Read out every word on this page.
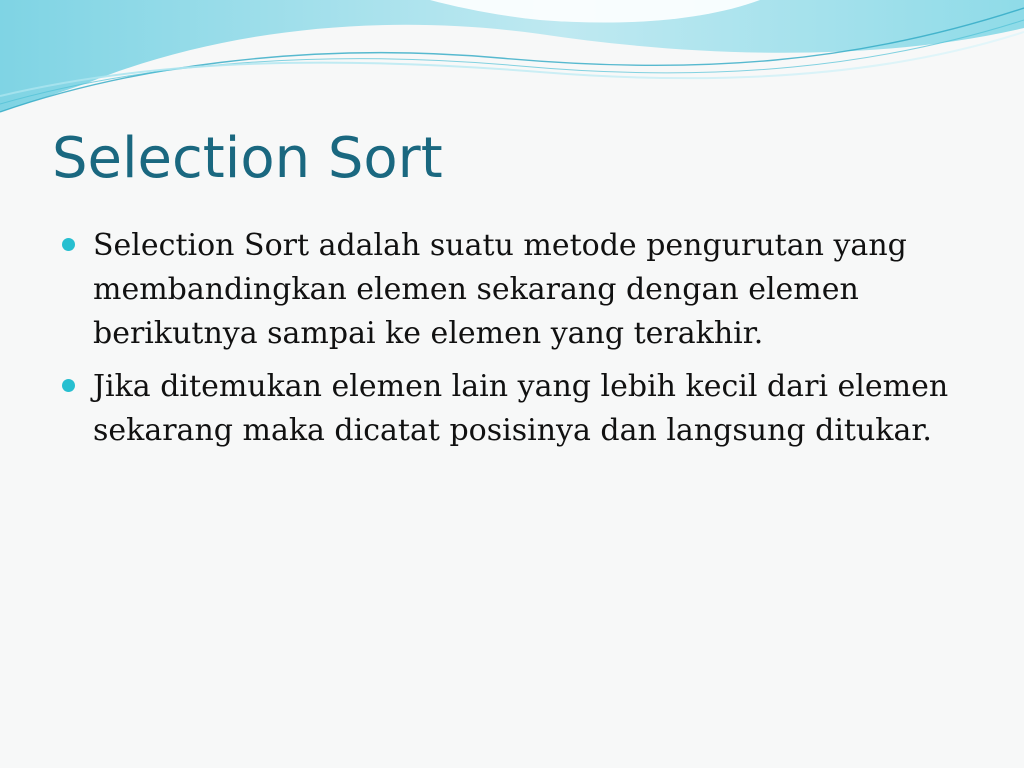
Selection Sort
Selection Sort adalah suatu metode pengurutan yang membandingkan elemen sekarang dengan elemen berikutnya sampai ke elemen yang terakhir.
Jika ditemukan elemen lain yang lebih kecil dari elemen sekarang maka dicatat posisinya dan langsung ditukar.
